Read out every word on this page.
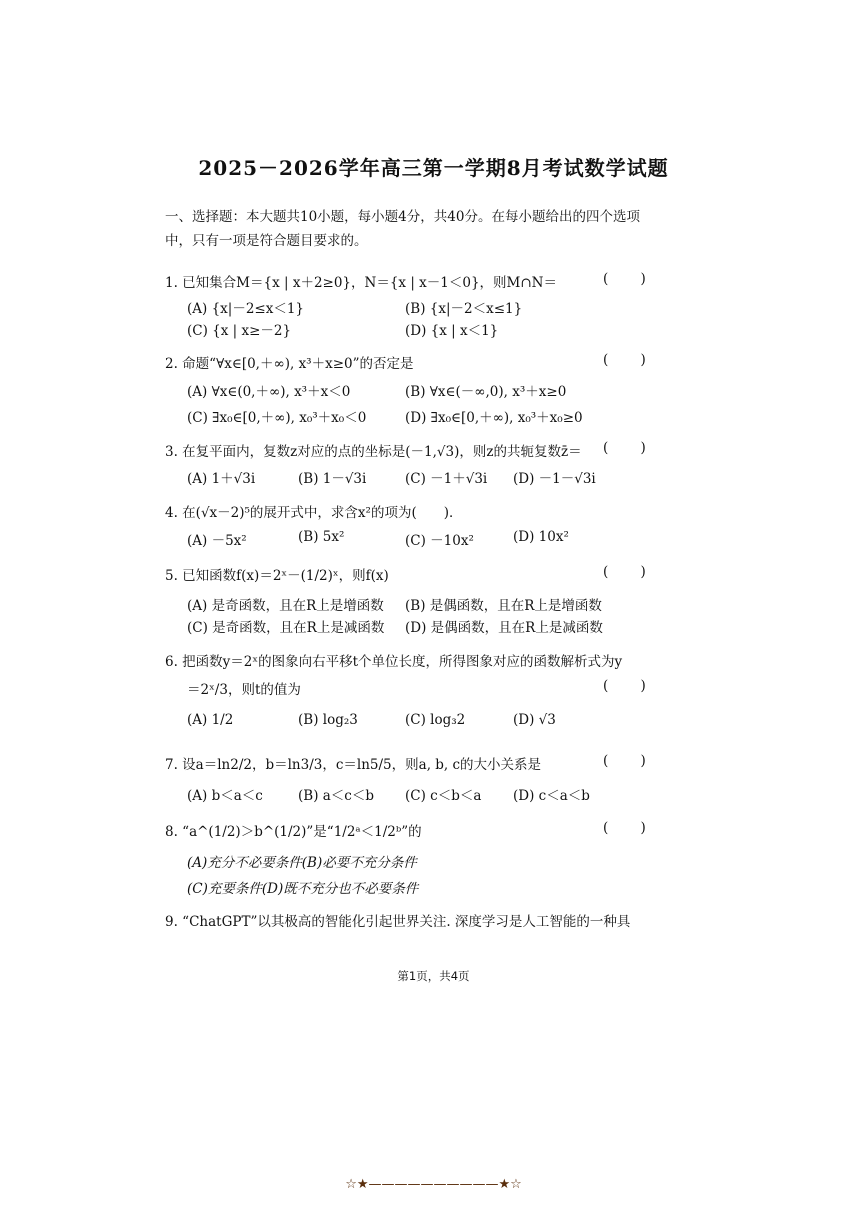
2025－2026学年高三第一学期8月考试数学试题
一、选择题：本大题共10小题，每小题4分，共40分。在每小题给出的四个选项
中，只有一项是符合题目要求的。
1. 已知集合M＝{x | x＋2≥0}，N＝{x | x－1＜0}，则M∩N＝	( )
(A) {x|－2≤x＜1}	(B) {x|－2＜x≤1}
(C) {x | x≥－2}	(D) {x | x＜1}
2. 命题“∀x∈[0,＋∞), x³＋x≥0”的否定是	( )
(A) ∀x∈(0,＋∞), x³＋x＜0	(B) ∀x∈(－∞,0), x³＋x≥0
(C) ∃x₀∈[0,＋∞), x₀³＋x₀＜0	(D) ∃x₀∈[0,＋∞), x₀³＋x₀≥0
3. 在复平面内，复数z对应的点的坐标是(－1,√3)，则z的共轭复数z̄＝ ( )
(A) 1＋√3i	(B) 1－√3i	(C) －1＋√3i (D) －1－√3i
4. 在(√x－2)⁵的展开式中，求含x²的项为(　　)．
(A) －5x²	(B) 5x²	(C) －10x²	(D) 10x²
5. 已知函数f(x)＝2ˣ－(1/2)ˣ，则f(x)	( )
(A) 是奇函数，且在R上是增函数 (B) 是偶函数，且在R上是增函数
(C) 是奇函数，且在R上是减函数 (D) 是偶函数，且在R上是减函数
6. 把函数y＝2ˣ的图象向右平移t个单位长度，所得图象对应的函数解析式为y
＝2ˣ/3，则t的值为	( )
(A) 1/2	(B) log₂3	(C) log₃2	(D) √3
7. 设a＝ln2/2，b＝ln3/3，c＝ln5/5，则a, b, c的大小关系是	( )
(A) b＜a＜c	(B) a＜c＜b (C) c＜b＜a (D) c＜a＜b
8. “a^(1/2)＞b^(1/2)”是“1/2ᵃ＜1/2ᵇ”的	( )
(A)充分不必要条件(B)必要不充分条件
(C)充要条件(D)既不充分也不必要条件
9. “ChatGPT”以其极高的智能化引起世界关注. 深度学习是人工智能的一种具
第1页，共4页
☆★——————————★☆
